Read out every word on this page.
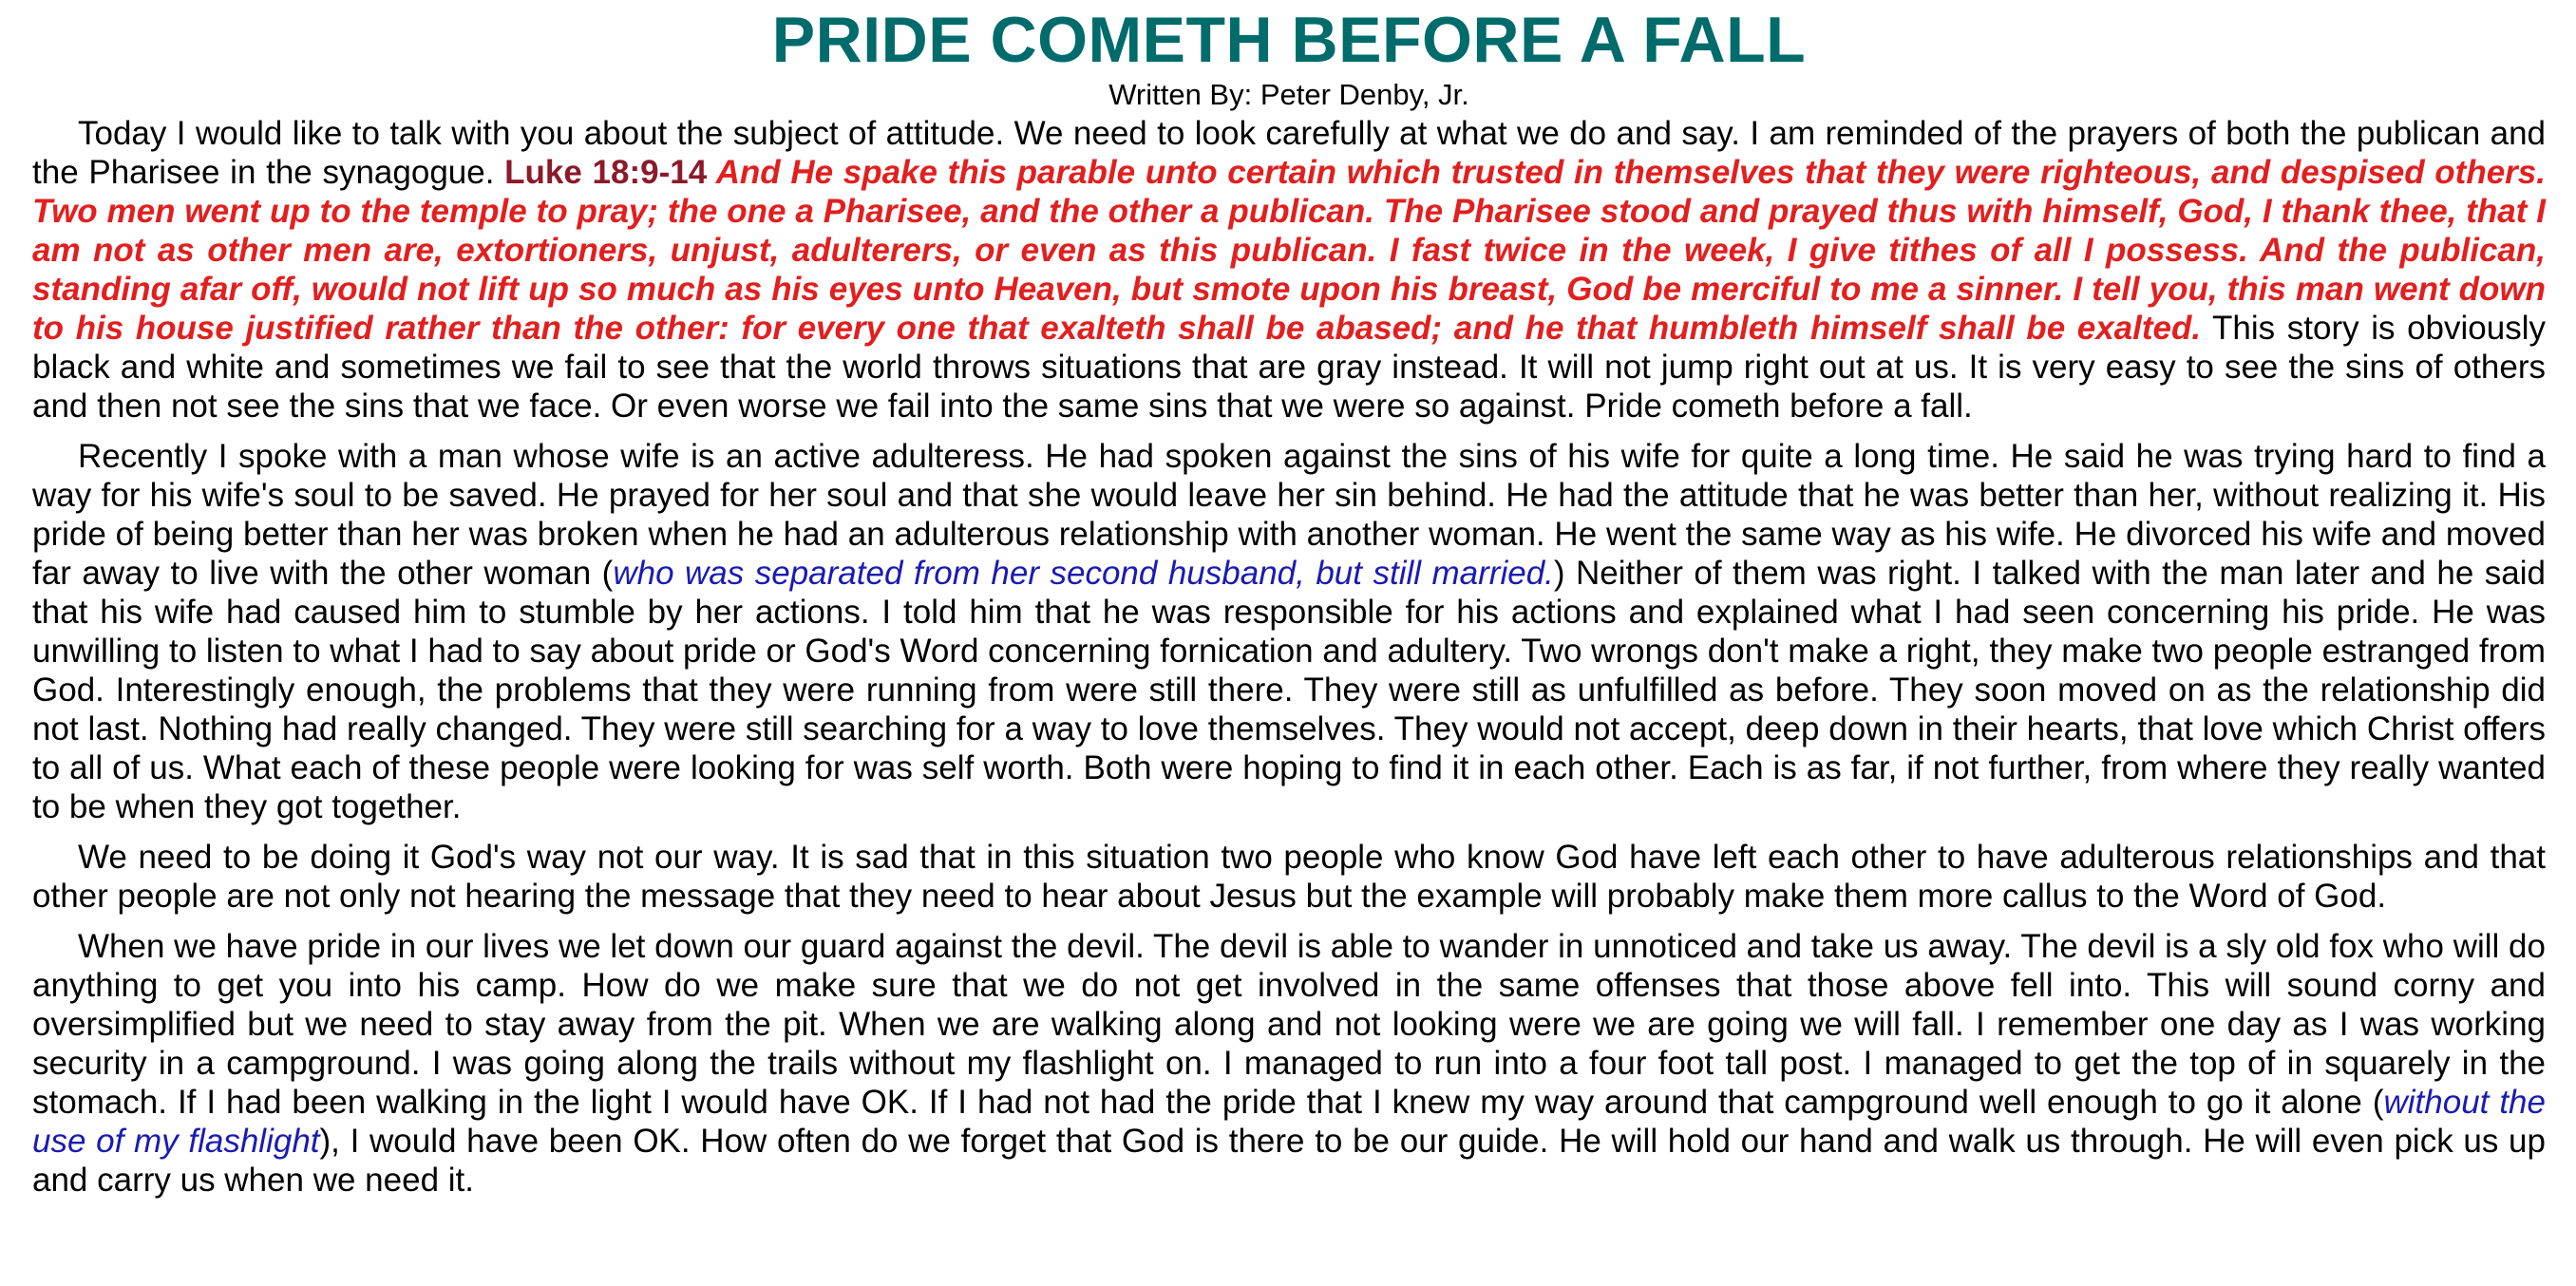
PRIDE COMETH BEFORE A FALL
Written By: Peter Denby, Jr.

Today I would like to talk with you about the subject of attitude. We need to look carefully at what we do and say. I am reminded of the prayers of both the publican and the Pharisee in the synagogue. Luke 18:9-14 And He spake this parable unto certain which trusted in themselves that they were righteous, and despised others. Two men went up to the temple to pray; the one a Pharisee, and the other a publican. The Pharisee stood and prayed thus with himself, God, I thank thee, that I am not as other men are, extortioners, unjust, adulterers, or even as this publican. I fast twice in the week, I give tithes of all I possess. And the publican, standing afar off, would not lift up so much as his eyes unto Heaven, but smote upon his breast, God be merciful to me a sinner. I tell you, this man went down to his house justified rather than the other: for every one that exalteth shall be abased; and he that humbleth himself shall be exalted. This story is obviously black and white and sometimes we fail to see that the world throws situations that are gray instead. It will not jump right out at us. It is very easy to see the sins of others and then not see the sins that we face. Or even worse we fail into the same sins that we were so against. Pride cometh before a fall.

Recently I spoke with a man whose wife is an active adulteress. He had spoken against the sins of his wife for quite a long time. He said he was trying hard to find a way for his wife's soul to be saved. He prayed for her soul and that she would leave her sin behind. He had the attitude that he was better than her, without realizing it. His pride of being better than her was broken when he had an adulterous relationship with another woman. He went the same way as his wife. He divorced his wife and moved far away to live with the other woman (who was separated from her second husband, but still married.) Neither of them was right. I talked with the man later and he said that his wife had caused him to stumble by her actions. I told him that he was responsible for his actions and explained what I had seen concerning his pride. He was unwilling to listen to what I had to say about pride or God's Word concerning fornication and adultery. Two wrongs don't make a right, they make two people estranged from God. Interestingly enough, the problems that they were running from were still there. They were still as unfulfilled as before. They soon moved on as the relationship did not last. Nothing had really changed. They were still searching for a way to love themselves. They would not accept, deep down in their hearts, that love which Christ offers to all of us. What each of these people were looking for was self worth. Both were hoping to find it in each other. Each is as far, if not further, from where they really wanted to be when they got together.

We need to be doing it God's way not our way. It is sad that in this situation two people who know God have left each other to have adulterous relationships and that other people are not only not hearing the message that they need to hear about Jesus but the example will probably make them more callus to the Word of God.

When we have pride in our lives we let down our guard against the devil. The devil is able to wander in unnoticed and take us away. The devil is a sly old fox who will do anything to get you into his camp. How do we make sure that we do not get involved in the same offenses that those above fell into. This will sound corny and oversimplified but we need to stay away from the pit. When we are walking along and not looking were we are going we will fall. I remember one day as I was working security in a campground. I was going along the trails without my flashlight on. I managed to run into a four foot tall post. I managed to get the top of in squarely in the stomach. If I had been walking in the light I would have OK. If I had not had the pride that I knew my way around that campground well enough to go it alone (without the use of my flashlight), I would have been OK. How often do we forget that God is there to be our guide. He will hold our hand and walk us through. He will even pick us up and carry us when we need it.
